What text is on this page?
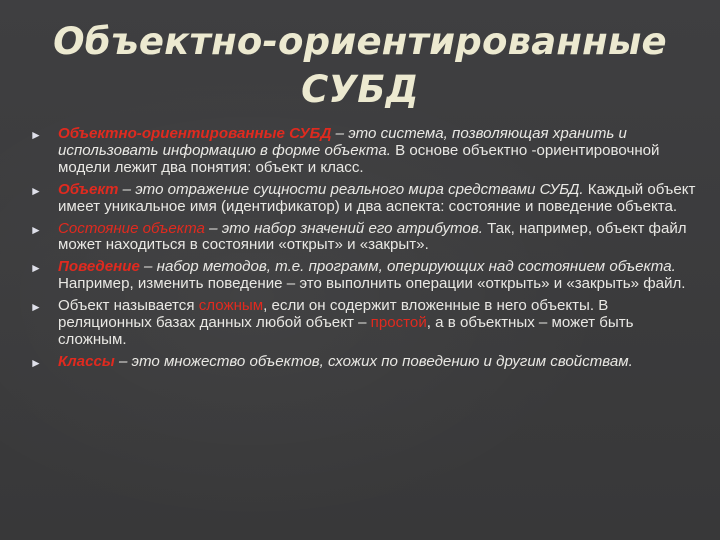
Объектно-ориентированные
СУБД
► Объектно-ориентированные СУБД – это система, позволяющая хранить и использовать информацию в форме объекта. В основе объектно -ориентировочной модели лежит два понятия: объект и класс.
► Объект – это отражение сущности реального мира средствами СУБД. Каждый объект имеет уникальное имя (идентификатор) и два аспекта: состояние и поведение объекта.
► Состояние объекта – это набор значений его атрибутов. Так, например, объект файл может находиться в состоянии «открыт» и «закрыт».
► Поведение – набор методов, т.е. программ, оперирующих над состоянием объекта. Например, изменить поведение – это выполнить операции «открыть» и «закрыть» файл.
► Объект называется сложным, если он содержит вложенные в него объекты. В реляционных базах данных любой объект – простой, а в объектных – может быть сложным.
► Классы – это множество объектов, схожих по поведению и другим свойствам.
